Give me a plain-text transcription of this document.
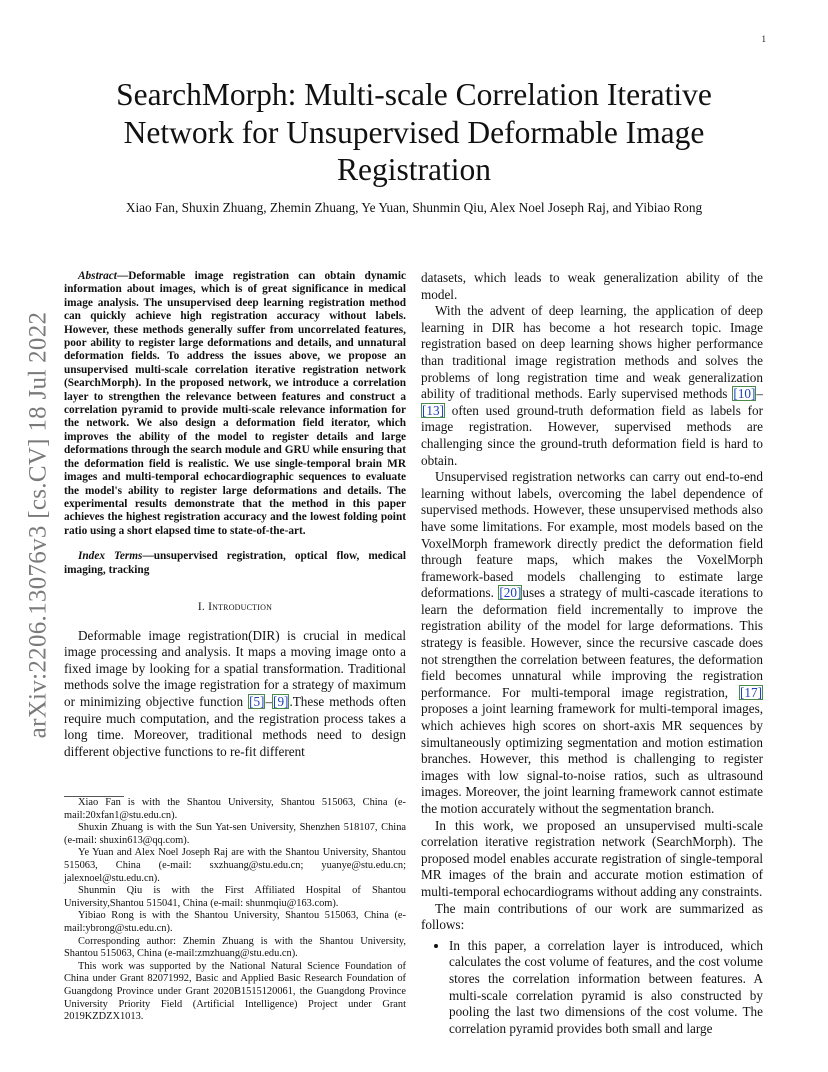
1
arXiv:2206.13076v3 [cs.CV] 18 Jul 2022
SearchMorph: Multi-scale Correlation Iterative Network for Unsupervised Deformable Image Registration

Xiao Fan, Shuxin Zhuang, Zhemin Zhuang, Ye Yuan, Shunmin Qiu, Alex Noel Joseph Raj, and Yibiao Rong

Abstract—Deformable image registration can obtain dynamic information about images, which is of great significance in medical image analysis. The unsupervised deep learning registration method can quickly achieve high registration accuracy without labels. However, these methods generally suffer from uncorrelated features, poor ability to register large deformations and details, and unnatural deformation fields. To address the issues above, we propose an unsupervised multi-scale correlation iterative registration network (SearchMorph). In the proposed network, we introduce a correlation layer to strengthen the relevance between features and construct a correlation pyramid to provide multi-scale relevance information for the network. We also design a deformation field iterator, which improves the ability of the model to register details and large deformations through the search module and GRU while ensuring that the deformation field is realistic. We use single-temporal brain MR images and multi-temporal echocardiographic sequences to evaluate the model's ability to register large deformations and details. The experimental results demonstrate that the method in this paper achieves the highest registration accuracy and the lowest folding point ratio using a short elapsed time to state-of-the-art.

Index Terms—unsupervised registration, optical flow, medical imaging, tracking

I. Introduction

Deformable image registration(DIR) is crucial in medical image processing and analysis. It maps a moving image onto a fixed image by looking for a spatial transformation. Traditional methods solve the image registration for a strategy of maximum or minimizing objective function [5]–[9].These methods often require much computation, and the registration process takes a long time. Moreover, traditional methods need to design different objective functions to re-fit different

Xiao Fan is with the Shantou University, Shantou 515063, China (e-mail:20xfan1@stu.edu.cn).

Shuxin Zhuang is with the Sun Yat-sen University, Shenzhen 518107, China (e-mail: shuxin613@qq.com).

Ye Yuan and Alex Noel Joseph Raj are with the Shantou University, Shantou 515063, China (e-mail: sxzhuang@stu.edu.cn; yuanye@stu.edu.cn; jalexnoel@stu.edu.cn).

Shunmin Qiu is with the First Affiliated Hospital of Shantou University,Shantou 515041, China (e-mail: shunmqiu@163.com).

Yibiao Rong is with the Shantou University, Shantou 515063, China (e-mail:ybrong@stu.edu.cn).

Corresponding author: Zhemin Zhuang is with the Shantou University, Shantou 515063, China (e-mail:zmzhuang@stu.edu.cn).

This work was supported by the National Natural Science Foundation of China under Grant 82071992, Basic and Applied Basic Research Foundation of Guangdong Province under Grant 2020B1515120061, the Guangdong Province University Priority Field (Artificial Intelligence) Project under Grant 2019KZDZX1013.

datasets, which leads to weak generalization ability of the model.

With the advent of deep learning, the application of deep learning in DIR has become a hot research topic. Image registration based on deep learning shows higher performance than traditional image registration methods and solves the problems of long registration time and weak generalization ability of traditional methods. Early supervised methods [10]–[13] often used ground-truth deformation field as labels for image registration. However, supervised methods are challenging since the ground-truth deformation field is hard to obtain.

Unsupervised registration networks can carry out end-to-end learning without labels, overcoming the label dependence of supervised methods. However, these unsupervised methods also have some limitations. For example, most models based on the VoxelMorph framework directly predict the deformation field through feature maps, which makes the VoxelMorph framework-based models challenging to estimate large deformations. [20]uses a strategy of multi-cascade iterations to learn the deformation field incrementally to improve the registration ability of the model for large deformations. This strategy is feasible. However, since the recursive cascade does not strengthen the correlation between features, the deformation field becomes unnatural while improving the registration performance. For multi-temporal image registration, [17] proposes a joint learning framework for multi-temporal images, which achieves high scores on short-axis MR sequences by simultaneously optimizing segmentation and motion estimation branches. However, this method is challenging to register images with low signal-to-noise ratios, such as ultrasound images. Moreover, the joint learning framework cannot estimate the motion accurately without the segmentation branch.

In this work, we proposed an unsupervised multi-scale correlation iterative registration network (SearchMorph). The proposed model enables accurate registration of single-temporal MR images of the brain and accurate motion estimation of multi-temporal echocardiograms without adding any constraints.

The main contributions of our work are summarized as follows:

• In this paper, a correlation layer is introduced, which calculates the cost volume of features, and the cost volume stores the correlation information between features. A multi-scale correlation pyramid is also constructed by pooling the last two dimensions of the cost volume. The correlation pyramid provides both small and large
